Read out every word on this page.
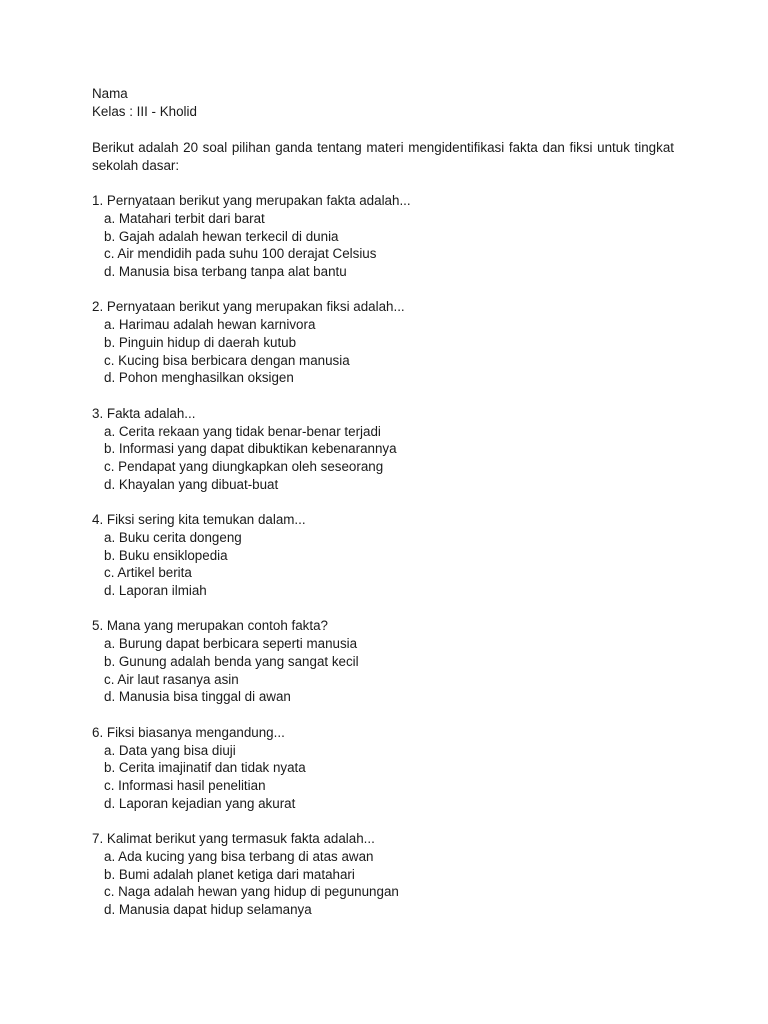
Nama
Kelas : III - Kholid
Berikut adalah 20 soal pilihan ganda tentang materi mengidentifikasi fakta dan fiksi untuk tingkat sekolah dasar:
1. Pernyataan berikut yang merupakan fakta adalah...
a. Matahari terbit dari barat
b. Gajah adalah hewan terkecil di dunia
c. Air mendidih pada suhu 100 derajat Celsius
d. Manusia bisa terbang tanpa alat bantu
2. Pernyataan berikut yang merupakan fiksi adalah...
a. Harimau adalah hewan karnivora
b. Pinguin hidup di daerah kutub
c. Kucing bisa berbicara dengan manusia
d. Pohon menghasilkan oksigen
3. Fakta adalah...
a. Cerita rekaan yang tidak benar-benar terjadi
b. Informasi yang dapat dibuktikan kebenarannya
c. Pendapat yang diungkapkan oleh seseorang
d. Khayalan yang dibuat-buat
4. Fiksi sering kita temukan dalam...
a. Buku cerita dongeng
b. Buku ensiklopedia
c. Artikel berita
d. Laporan ilmiah
5. Mana yang merupakan contoh fakta?
a. Burung dapat berbicara seperti manusia
b. Gunung adalah benda yang sangat kecil
c. Air laut rasanya asin
d. Manusia bisa tinggal di awan
6. Fiksi biasanya mengandung...
a. Data yang bisa diuji
b. Cerita imajinatif dan tidak nyata
c. Informasi hasil penelitian
d. Laporan kejadian yang akurat
7. Kalimat berikut yang termasuk fakta adalah...
a. Ada kucing yang bisa terbang di atas awan
b. Bumi adalah planet ketiga dari matahari
c. Naga adalah hewan yang hidup di pegunungan
d. Manusia dapat hidup selamanya
